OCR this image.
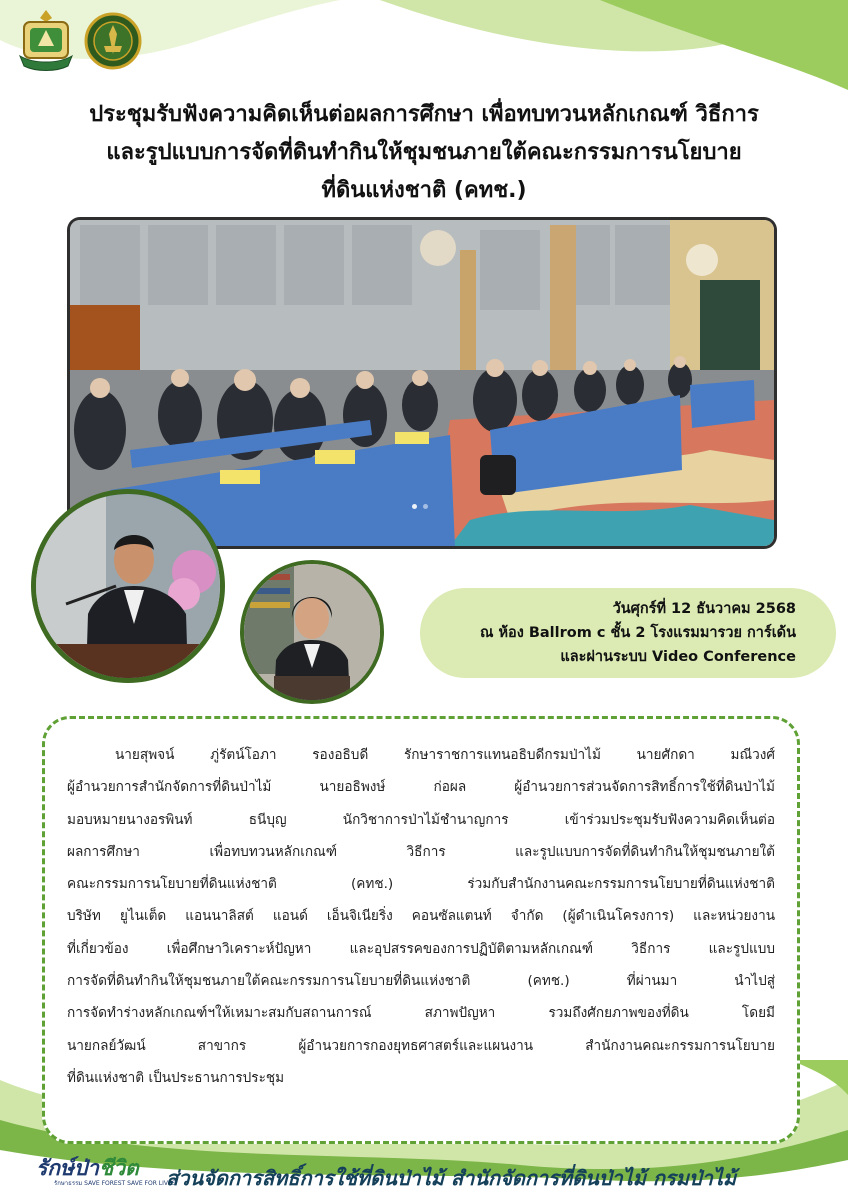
ประชุมรับฟังความคิดเห็นต่อผลการศึกษา เพื่อทบทวนหลักเกณฑ์ วิธีการ
และรูปแบบการจัดที่ดินทำกินให้ชุมชนภายใต้คณะกรรมการนโยบาย
ที่ดินแห่งชาติ (คทช.)
วันศุกร์ที่ 12 ธันวาคม 2568
ณ ห้อง Ballrom c ชั้น 2 โรงแรมมารวย การ์เด้น
และผ่านระบบ Video Conference

นายสุพจน์ ภู่รัตน์โอภา รองอธิบดี รักษาราชการแทนอธิบดีกรมป่าไม้ นายศักดา มณีวงศ์
ผู้อำนวยการสำนักจัดการที่ดินป่าไม้ นายอธิพงษ์ ก่อผล ผู้อำนวยการส่วนจัดการสิทธิ์การใช้ที่ดินป่าไม้
มอบหมายนางอรพินท์ ธนีบุญ นักวิชาการป่าไม้ชำนาญการ เข้าร่วมประชุมรับฟังความคิดเห็นต่อ
ผลการศึกษา เพื่อทบทวนหลักเกณฑ์ วิธีการ และรูปแบบการจัดที่ดินทำกินให้ชุมชนภายใต้
คณะกรรมการนโยบายที่ดินแห่งชาติ (คทช.) ร่วมกับสำนักงานคณะกรรมการนโยบายที่ดินแห่งชาติ
บริษัท ยูไนเต็ด แอนนาลิสต์ แอนด์ เอ็นจิเนียริ่ง คอนซัลแตนท์ จำกัด (ผู้ดำเนินโครงการ) และหน่วยงาน
ที่เกี่ยวข้อง เพื่อศึกษาวิเคราะห์ปัญหา และอุปสรรคของการปฏิบัติตามหลักเกณฑ์ วิธีการ และรูปแบบ
การจัดที่ดินทำกินให้ชุมชนภายใต้คณะกรรมการนโยบายที่ดินแห่งชาติ (คทช.) ที่ผ่านมา นำไปสู่
การจัดทำร่างหลักเกณฑ์ฯให้เหมาะสมกับสถานการณ์ สภาพปัญหา รวมถึงศักยภาพของที่ดิน โดยมี
นายกลย์วัฒน์ สาขากร ผู้อำนวยการกองยุทธศาสตร์และแผนงาน สำนักงานคณะกรรมการนโยบาย
ที่ดินแห่งชาติ เป็นประธานการประชุม

รักษ์ป่าชีวิต
รักษาธรรม SAVE FOREST SAVE FOR LIVES
ส่วนจัดการสิทธิ์การใช้ที่ดินป่าไม้ สำนักจัดการที่ดินป่าไม้ กรมป่าไม้
